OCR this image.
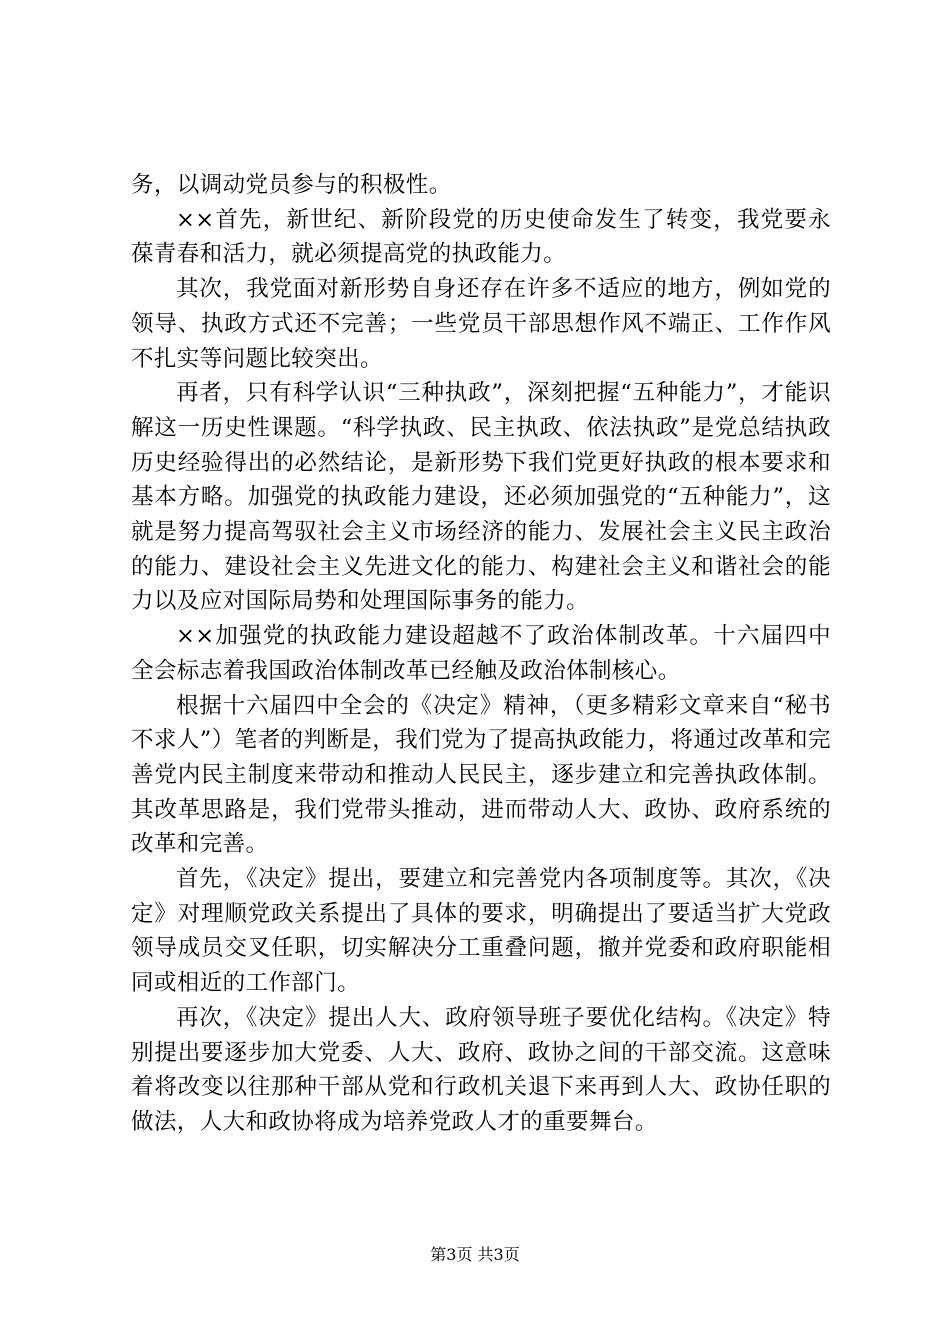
务，以调动党员参与的积极性。

××首先，新世纪、新阶段党的历史使命发生了转变，我党要永葆青春和活力，就必须提高党的执政能力。

其次，我党面对新形势自身还存在许多不适应的地方，例如党的领导、执政方式还不完善；一些党员干部思想作风不端正、工作作风不扎实等问题比较突出。

再者，只有科学认识“三种执政”，深刻把握“五种能力”，才能识解这一历史性课题。“科学执政、民主执政、依法执政”是党总结执政历史经验得出的必然结论，是新形势下我们党更好执政的根本要求和基本方略。加强党的执政能力建设，还必须加强党的“五种能力”，这就是努力提高驾驭社会主义市场经济的能力、发展社会主义民主政治的能力、建设社会主义先进文化的能力、构建社会主义和谐社会的能力以及应对国际局势和处理国际事务的能力。

××加强党的执政能力建设超越不了政治体制改革。十六届四中全会标志着我国政治体制改革已经触及政治体制核心。

根据十六届四中全会的《决定》精神，（更多精彩文章来自“秘书不求人”）笔者的判断是，我们党为了提高执政能力，将通过改革和完善党内民主制度来带动和推动人民民主，逐步建立和完善执政体制。其改革思路是，我们党带头推动，进而带动人大、政协、政府系统的改革和完善。

首先，《决定》提出，要建立和完善党内各项制度等。其次，《决定》对理顺党政关系提出了具体的要求，明确提出了要适当扩大党政领导成员交叉任职，切实解决分工重叠问题，撤并党委和政府职能相同或相近的工作部门。

再次，《决定》提出人大、政府领导班子要优化结构。《决定》特别提出要逐步加大党委、人大、政府、政协之间的干部交流。这意味着将改变以往那种干部从党和行政机关退下来再到人大、政协任职的做法，人大和政协将成为培养党政人才的重要舞台。

第3页 共3页
